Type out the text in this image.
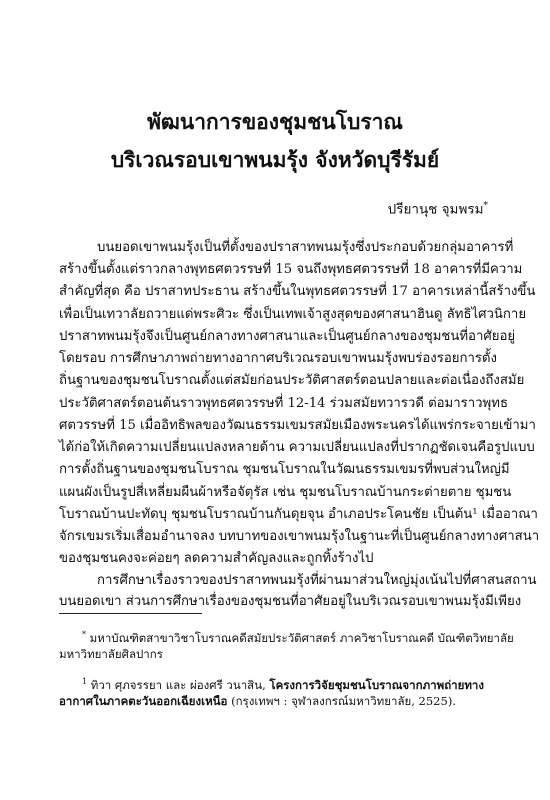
พัฒนาการของชุมชนโบราณ
บริเวณรอบเขาพนมรุ้ง จังหวัดบุรีรัมย์
ปรียานุช จุมพรม*
บนยอดเขาพนมรุ้งเป็นที่ตั้งของปราสาทพนมรุ้งซึ่งประกอบด้วยกลุ่มอาคารที่
สร้างขึ้นตั้งแต่ราวกลางพุทธศตวรรษที่ 15 จนถึงพุทธศตวรรษที่ 18 อาคารที่มีความ
สำคัญที่สุด คือ ปราสาทประธาน สร้างขึ้นในพุทธศตวรรษที่ 17 อาคารเหล่านี้สร้างขึ้น
เพื่อเป็นเทวาลัยถวายแด่พระศิวะ ซึ่งเป็นเทพเจ้าสูงสุดของศาสนาฮินดู ลัทธิไศวนิกาย
ปราสาทพนมรุ้งจึงเป็นศูนย์กลางทางศาสนาและเป็นศูนย์กลางของชุมชนที่อาศัยอยู่
โดยรอบ การศึกษาภาพถ่ายทางอากาศบริเวณรอบเขาพนมรุ้งพบร่องรอยการตั้ง
ถิ่นฐานของชุมชนโบราณตั้งแต่สมัยก่อนประวัติศาสตร์ตอนปลายและต่อเนื่องถึงสมัย
ประวัติศาสตร์ตอนต้นราวพุทธศตวรรษที่ 12-14 ร่วมสมัยทวารวดี ต่อมาราวพุทธ
ศตวรรษที่ 15 เมื่ออิทธิพลของวัฒนธรรมเขมรสมัยเมืองพระนครได้แพร่กระจายเข้ามา
ได้ก่อให้เกิดความเปลี่ยนแปลงหลายด้าน ความเปลี่ยนแปลงที่ปรากฏชัดเจนคือรูปแบบ
การตั้งถิ่นฐานของชุมชนโบราณ ชุมชนโบราณในวัฒนธรรมเขมรที่พบส่วนใหญ่มี
แผนผังเป็นรูปสี่เหลี่ยมผืนผ้าหรือจัตุรัส เช่น ชุมชนโบราณบ้านกระต่ายตาย ชุมชน
โบราณบ้านปะทัดบุ ชุมชนโบราณบ้านกันดุยจุน อำเภอประโคนชัย เป็นต้น¹ เมื่ออาณา
จักรเขมรเริ่มเสื่อมอำนาจลง บทบาทของเขาพนมรุ้งในฐานะที่เป็นศูนย์กลางทางศาสนา
ของชุมชนคงจะค่อยๆ ลดความสำคัญลงและถูกทิ้งร้างไป
การศึกษาเรื่องราวของปราสาทพนมรุ้งที่ผ่านมาส่วนใหญ่มุ่งเน้นไปที่ศาสนสถาน
บนยอดเขา ส่วนการศึกษาเรื่องของชุมชนที่อาศัยอยู่ในบริเวณรอบเขาพนมรุ้งมีเพียง
* มหาบัณฑิตสาขาวิชาโบราณคดีสมัยประวัติศาสตร์ ภาควิชาโบราณคดี บัณฑิตวิทยาลัย
มหาวิทยาลัยศิลปากร
$^1$ ทิวา ศุภจรรยา และ ผ่องศรี วนาสิน, โครงการวิจัยชุมชนโบราณจากภาพถ่ายทาง
อากาศในภาคตะวันออกเฉียงเหนือ (กรุงเทพฯ : จุฬาลงกรณ์มหาวิทยาลัย, 2525).
